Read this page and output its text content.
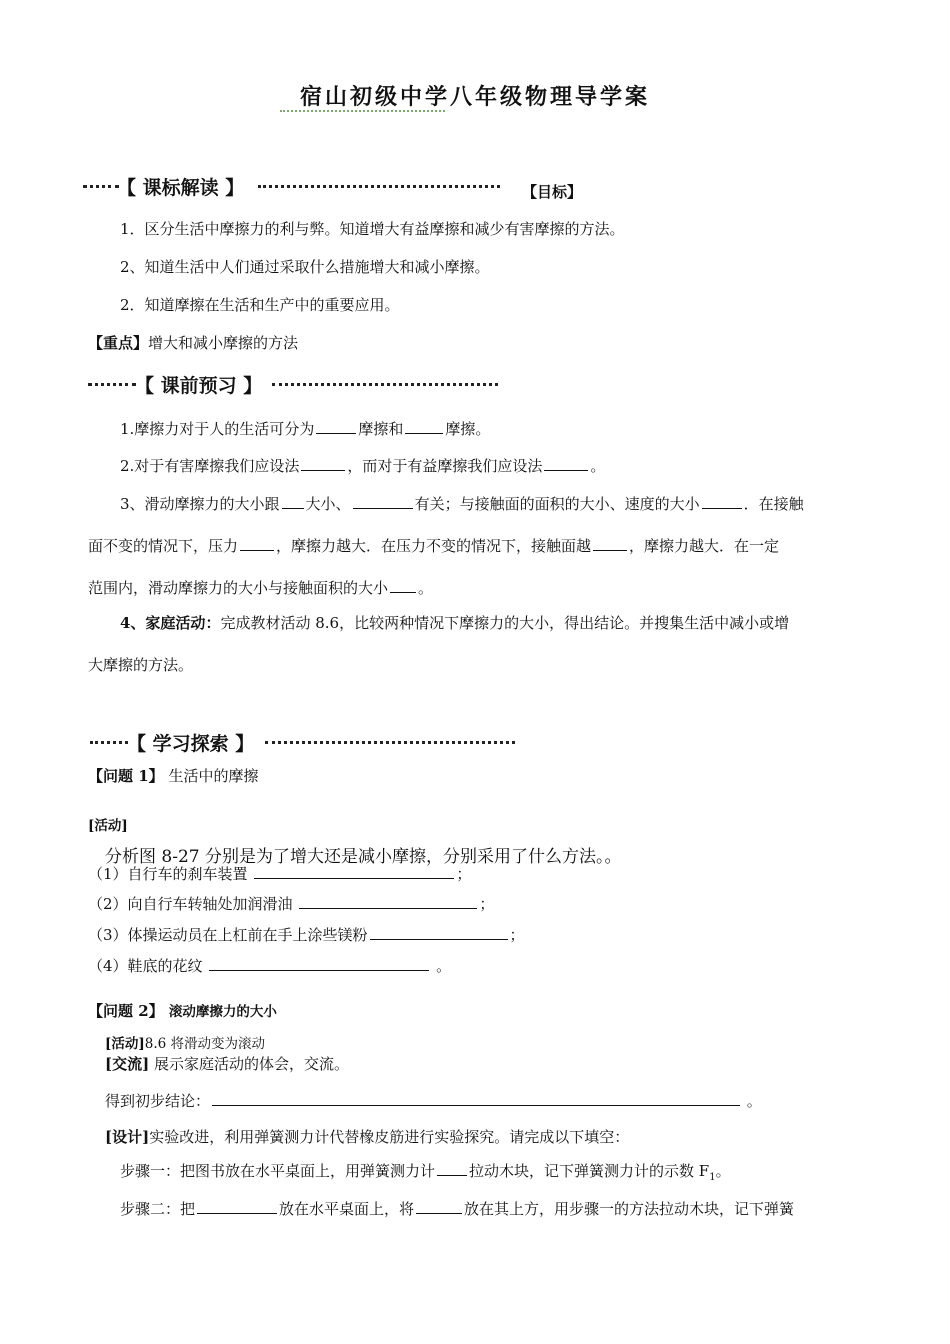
宿山初级中学八年级物理导学案
【 课标解读 】	【目标】
1．区分生活中摩擦力的利与弊。知道增大有益摩擦和减少有害摩擦的方法。
2、知道生活中人们通过采取什么措施增大和减小摩擦。
2．知道摩擦在生活和生产中的重要应用。
【重点】增大和减小摩擦的方法
【 课前预习 】
1.摩擦力对于人的生活可分为	摩擦和	摩擦。
2.对于有害摩擦我们应设法	，而对于有益摩擦我们应设法	。
3、滑动摩擦力的大小跟 大小、	有关；与接触面的面积的大小、速度的大小	．在接触
面不变的情况下，压力	，摩擦力越大．在压力不变的情况下，接触面越	，摩擦力越大．在一定
范围内，滑动摩擦力的大小与接触面积的大小 。
4、家庭活动：完成教材活动 8.6，比较两种情况下摩擦力的大小，得出结论。并搜集生活中减小或增
大摩擦的方法。
【 学习探索 】
【问题 1】 生活中的摩擦
[活动]
分析图 8-27 分别是为了增大还是减小摩擦，分别采用了什么方法。。
（1）自行车的刹车装置	；
（2）向自行车转轴处加润滑油	；
（3）体操运动员在上杠前在手上涂些镁粉	；
（4）鞋底的花纹	。
【问题 2】 滚动摩擦力的大小
[活动]8.6 将滑动变为滚动
[交流] 展示家庭活动的体会，交流。
得到初步结论：	。
[设计]实验改进，利用弹簧测力计代替橡皮筋进行实验探究。请完成以下填空：
步骤一：把图书放在水平桌面上，用弹簧测力计 拉动木块，记下弹簧测力计的示数 $F_1$。
步骤二：把	放在水平桌面上，将	放在其上方，用步骤一的方法拉动木块，记下弹簧
